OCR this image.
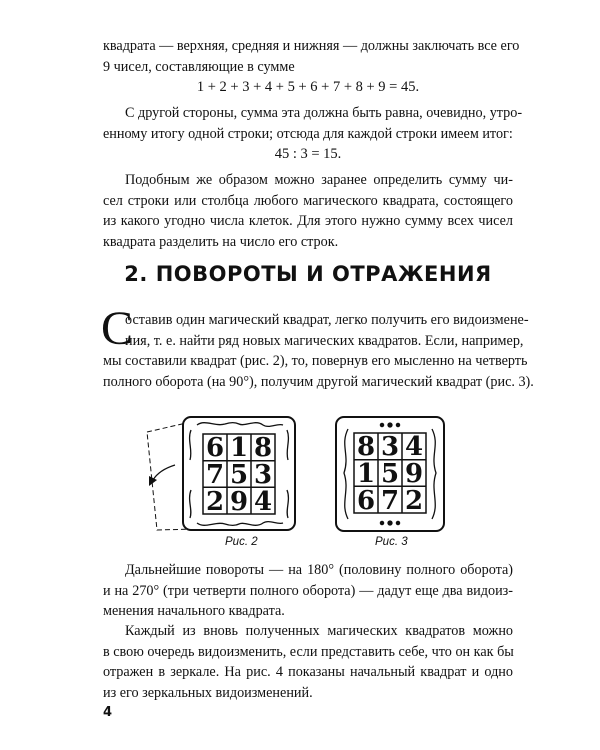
квадрата — верхняя, средняя и нижняя — должны заключать все его
9 чисел, составляющие в сумме
1 + 2 + 3 + 4 + 5 + 6 + 7 + 8 + 9 = 45.
С другой стороны, сумма эта должна быть равна, очевидно, утро-
енному итогу одной строки; отсюда для каждой строки имеем итог:
45 : 3 = 15.
Подобным же образом можно заранее определить сумму чи-
сел строки или столбца любого магического квадрата, состоящего
из какого угодно числа клеток. Для этого нужно сумму всех чисел
квадрата разделить на число его строк.
2. ПОВОРОТЫ И ОТРАЖЕНИЯ
С
оставив один магический квадрат, легко получить его видоизмене-
ния, т. е. найти ряд новых магических квадратов. Если, например,
мы составили квадрат (рис. 2), то, повернув его мысленно на четверть
полного оборота (на 90°), получим другой магический квадрат (рис. 3).
6 1 8
7 5 3
2 9 4
Рис. 2
8 3 4
1 5 9
6 7 2
Рис. 3
Дальнейшие повороты — на 180° (половину полного оборота)
и на 270° (три четверти полного оборота) — дадут еще два видоиз-
менения начального квадрата.
Каждый из вновь полученных магических квадратов можно
в свою очередь видоизменить, если представить себе, что он как бы
отражен в зеркале. На рис. 4 показаны начальный квадрат и одно
из его зеркальных видоизменений.
4
